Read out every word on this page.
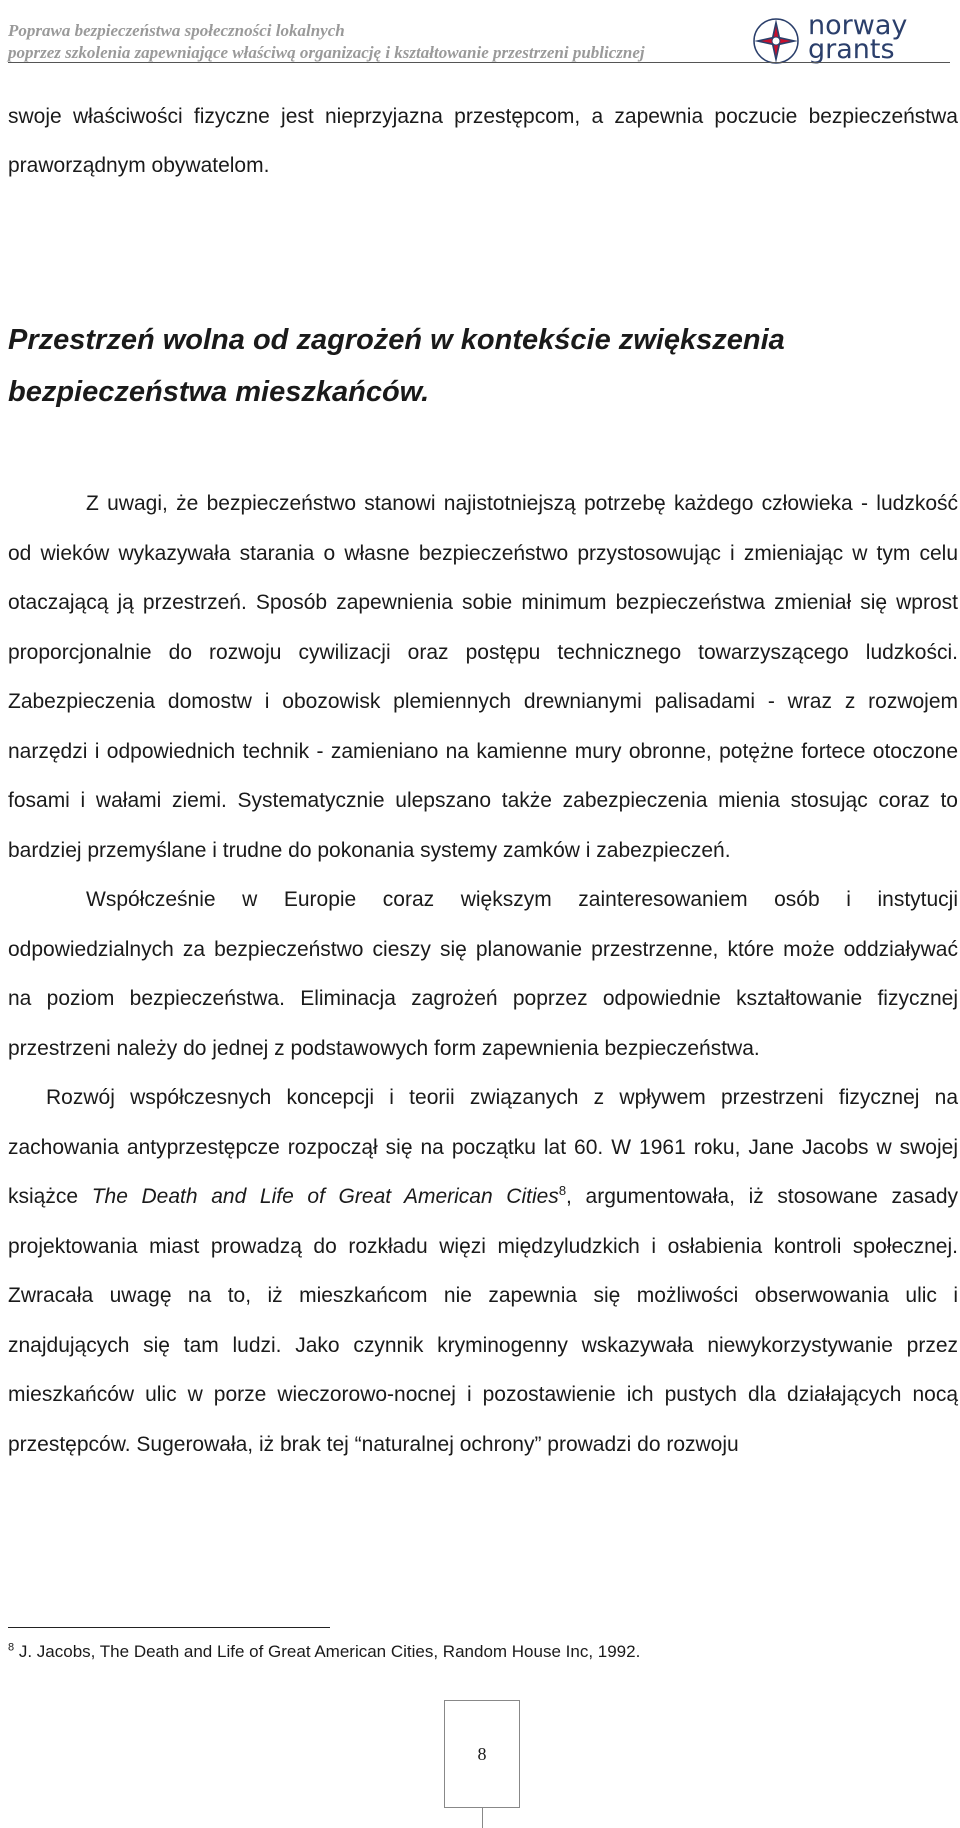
Poprawa bezpieczeństwa społeczności lokalnych
poprzez szkolenia zapewniające właściwą organizację i kształtowanie przestrzeni publicznej
norway
grants

swoje właściwości fizyczne jest nieprzyjazna przestępcom, a zapewnia poczucie bezpieczeństwa praworządnym obywatelom.

Przestrzeń wolna od zagrożeń w kontekście zwiększenia bezpieczeństwa mieszkańców.

Z uwagi, że bezpieczeństwo stanowi najistotniejszą potrzebę każdego człowieka - ludzkość od wieków wykazywała starania o własne bezpieczeństwo przystosowując i zmieniając w tym celu otaczającą ją przestrzeń. Sposób zapewnienia sobie minimum bezpieczeństwa zmieniał się wprost proporcjonalnie do rozwoju cywilizacji oraz postępu technicznego towarzyszącego ludzkości. Zabezpieczenia domostw i obozowisk plemiennych drewnianymi palisadami - wraz z rozwojem narzędzi i odpowiednich technik - zamieniano na kamienne mury obronne, potężne fortece otoczone fosami i wałami ziemi. Systematycznie ulepszano także zabezpieczenia mienia stosując coraz to bardziej przemyślane i trudne do pokonania systemy zamków i zabezpieczeń.

Współcześnie w Europie coraz większym zainteresowaniem osób i instytucji odpowiedzialnych za bezpieczeństwo cieszy się planowanie przestrzenne, które może oddziaływać na poziom bezpieczeństwa. Eliminacja zagrożeń poprzez odpowiednie kształtowanie fizycznej przestrzeni należy do jednej z podstawowych form zapewnienia bezpieczeństwa.

Rozwój współczesnych koncepcji i teorii związanych z wpływem przestrzeni fizycznej na zachowania antyprzestępcze rozpoczął się na początku lat 60. W 1961 roku, Jane Jacobs w swojej książce The Death and Life of Great American Cities$^8$, argumentowała, iż stosowane zasady projektowania miast prowadzą do rozkładu więzi międzyludzkich i osłabienia kontroli społecznej. Zwracała uwagę na to, iż mieszkańcom nie zapewnia się możliwości obserwowania ulic i znajdujących się tam ludzi. Jako czynnik kryminogenny wskazywała niewykorzystywanie przez mieszkańców ulic w porze wieczorowo-nocnej i pozostawienie ich pustych dla działających nocą przestępców. Sugerowała, iż brak tej “naturalnej ochrony” prowadzi do rozwoju

$^8$ J. Jacobs, The Death and Life of Great American Cities, Random House Inc, 1992.
8
